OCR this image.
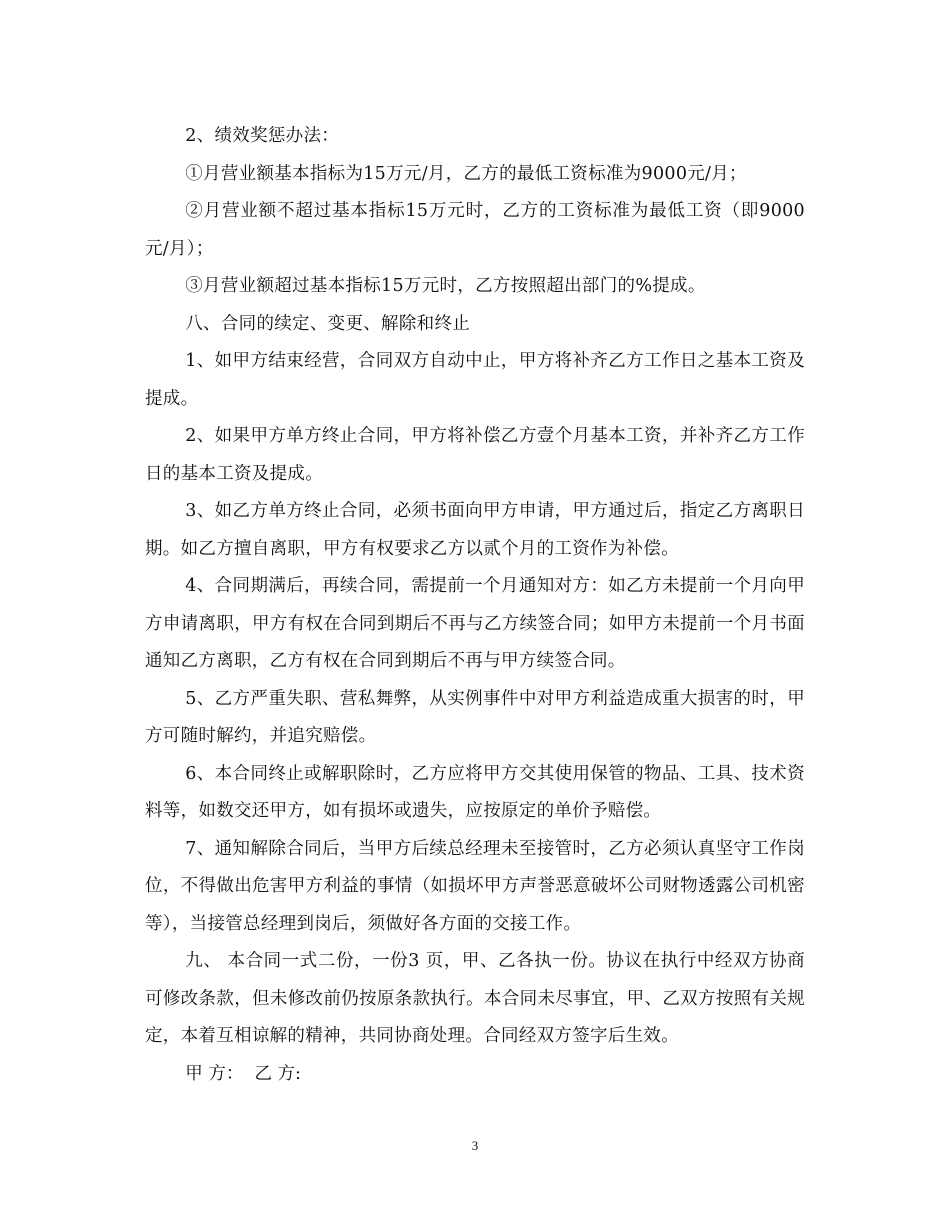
2、绩效奖惩办法：

①月营业额基本指标为15万元/月，乙方的最低工资标准为9000元/月；

②月营业额不超过基本指标15万元时，乙方的工资标准为最低工资（即9000元/月）；

③月营业额超过基本指标15万元时，乙方按照超出部门的%提成。

八、合同的续定、变更、解除和终止

1、如甲方结束经营，合同双方自动中止，甲方将补齐乙方工作日之基本工资及提成。

2、如果甲方单方终止合同，甲方将补偿乙方壹个月基本工资，并补齐乙方工作日的基本工资及提成。

3、如乙方单方终止合同，必须书面向甲方申请，甲方通过后，指定乙方离职日期。如乙方擅自离职，甲方有权要求乙方以贰个月的工资作为补偿。

4、合同期满后，再续合同，需提前一个月通知对方：如乙方未提前一个月向甲方申请离职，甲方有权在合同到期后不再与乙方续签合同；如甲方未提前一个月书面通知乙方离职，乙方有权在合同到期后不再与甲方续签合同。

5、乙方严重失职、营私舞弊，从实例事件中对甲方利益造成重大损害的时，甲方可随时解约，并追究赔偿。

6、本合同终止或解职除时，乙方应将甲方交其使用保管的物品、工具、技术资料等，如数交还甲方，如有损坏或遗失，应按原定的单价予赔偿。

7、通知解除合同后，当甲方后续总经理未至接管时，乙方必须认真坚守工作岗位，不得做出危害甲方利益的事情（如损坏甲方声誉恶意破坏公司财物透露公司机密等），当接管总经理到岗后，须做好各方面的交接工作。

九、 本合同一式二份，一份3 页，甲、乙各执一份。协议在执行中经双方协商可修改条款，但未修改前仍按原条款执行。本合同未尽事宜，甲、乙双方按照有关规定，本着互相谅解的精神，共同协商处理。合同经双方签字后生效。

甲 方：  乙 方:

3
